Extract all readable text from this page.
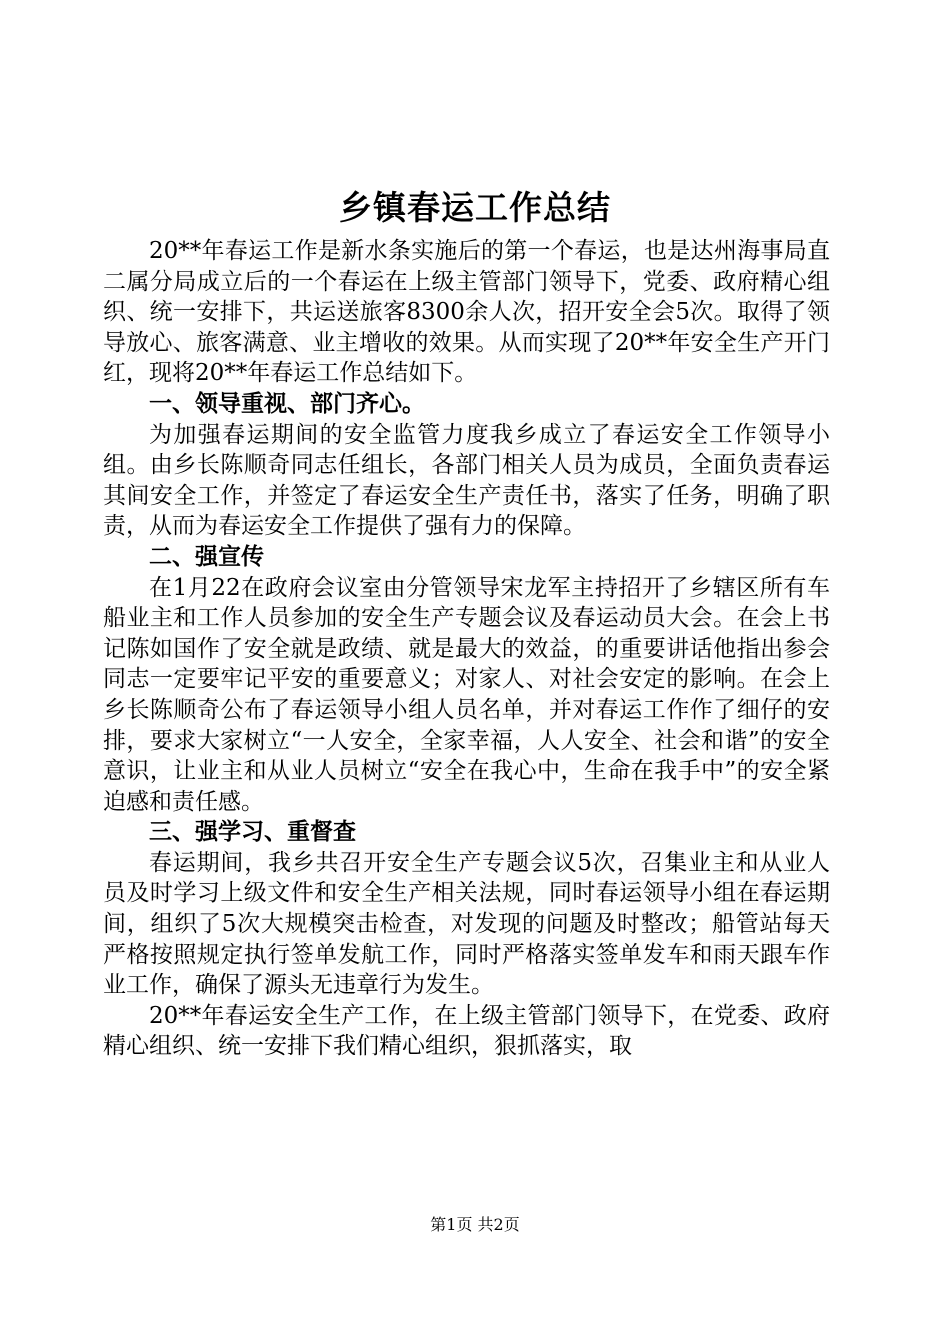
乡镇春运工作总结

20**年春运工作是新水条实施后的第一个春运，也是达州海事局直二属分局成立后的一个春运在上级主管部门领导下，党委、政府精心组织、统一安排下，共运送旅客8300余人次，招开安全会5次。取得了领导放心、旅客满意、业主增收的效果。从而实现了20**年安全生产开门红，现将20**年春运工作总结如下。

一、领导重视、部门齐心。

为加强春运期间的安全监管力度我乡成立了春运安全工作领导小组。由乡长陈顺奇同志任组长，各部门相关人员为成员，全面负责春运其间安全工作，并签定了春运安全生产责任书，落实了任务，明确了职责，从而为春运安全工作提供了强有力的保障。

二、强宣传

在1月22在政府会议室由分管领导宋龙军主持招开了乡辖区所有车船业主和工作人员参加的安全生产专题会议及春运动员大会。在会上书记陈如国作了安全就是政绩、就是最大的效益，的重要讲话他指出参会同志一定要牢记平安的重要意义；对家人、对社会安定的影响。在会上乡长陈顺奇公布了春运领导小组人员名单，并对春运工作作了细仔的安排，要求大家树立“一人安全，全家幸福，人人安全、社会和谐”的安全意识，让业主和从业人员树立“安全在我心中，生命在我手中”的安全紧迫感和责任感。

三、强学习、重督查

春运期间，我乡共召开安全生产专题会议5次，召集业主和从业人员及时学习上级文件和安全生产相关法规，同时春运领导小组在春运期间，组织了5次大规模突击检查，对发现的问题及时整改；船管站每天严格按照规定执行签单发航工作，同时严格落实签单发车和雨天跟车作业工作，确保了源头无违章行为发生。

20**年春运安全生产工作，在上级主管部门领导下，在党委、政府精心组织、统一安排下我们精心组织，狠抓落实，取

第1页 共2页
